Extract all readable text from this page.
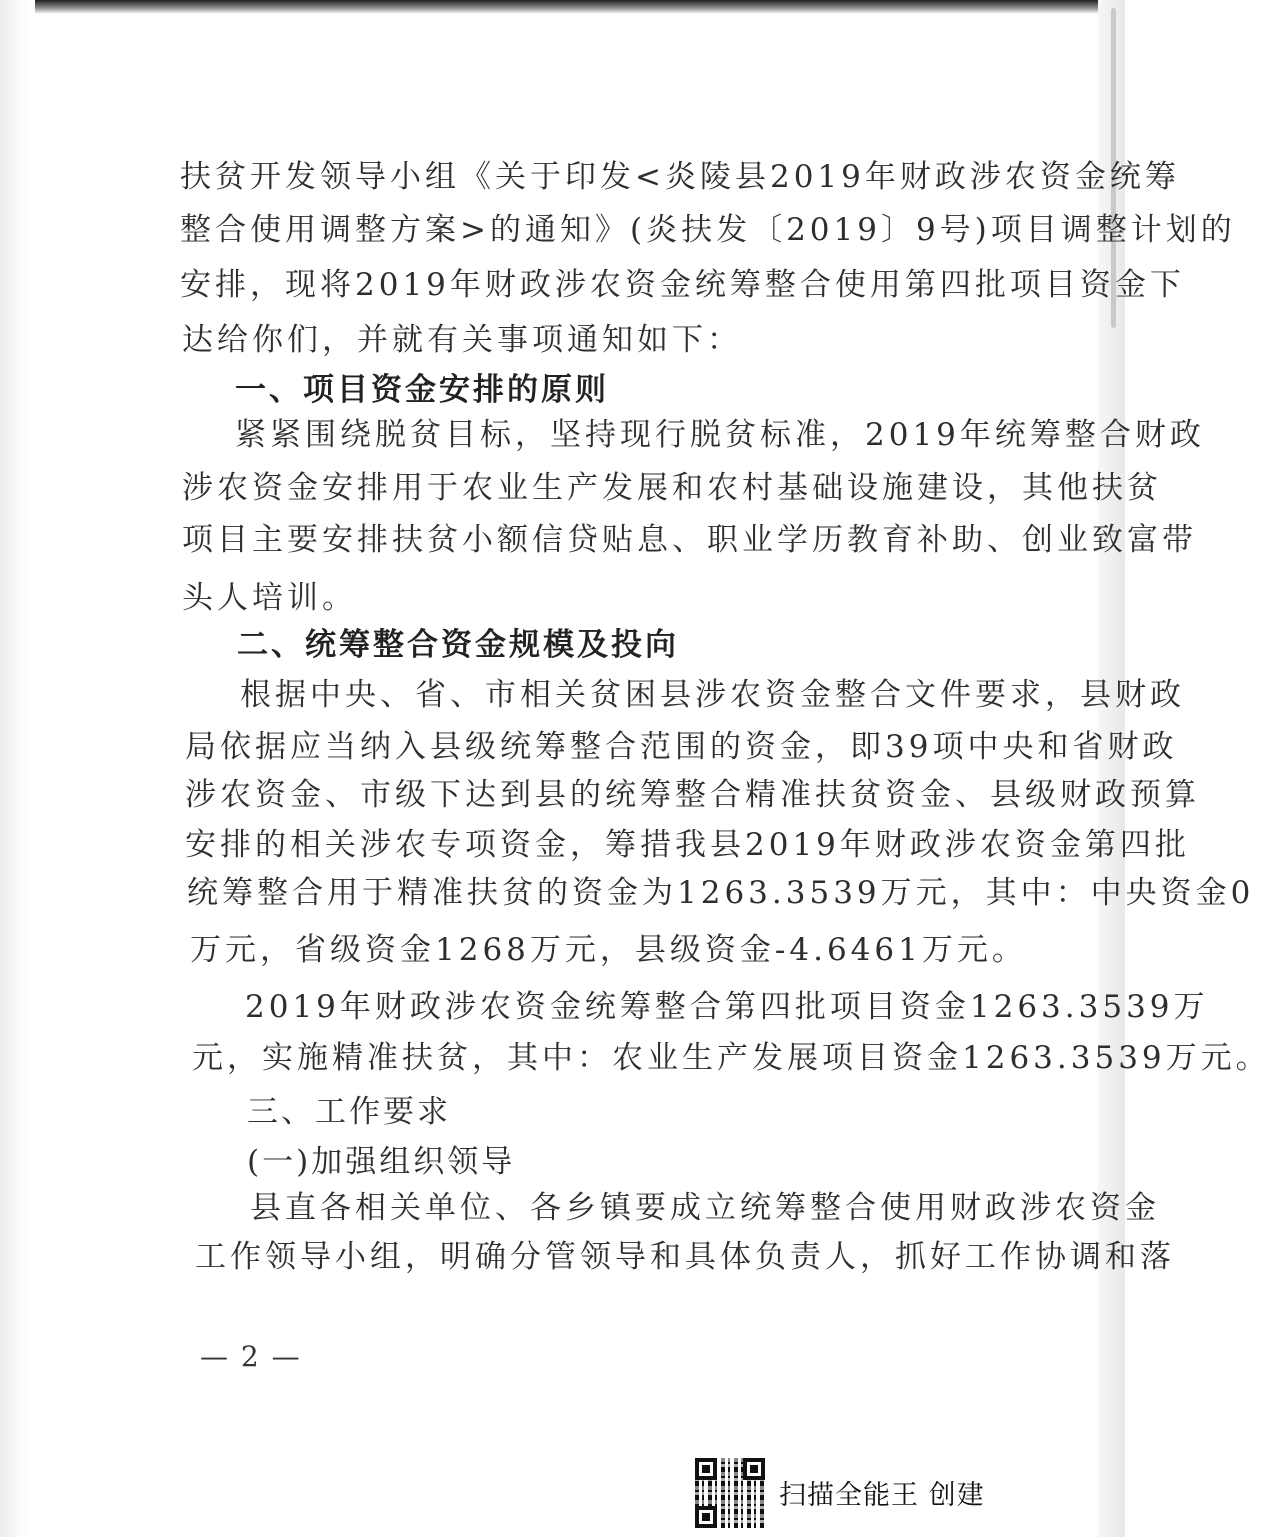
扶贫开发领导小组《关于印发<炎陵县2019年财政涉农资金统筹
整合使用调整方案>的通知》(炎扶发〔2019〕9号)项目调整计划的
安排，现将2019年财政涉农资金统筹整合使用第四批项目资金下
达给你们，并就有关事项通知如下：
一、项目资金安排的原则
紧紧围绕脱贫目标，坚持现行脱贫标准，2019年统筹整合财政
涉农资金安排用于农业生产发展和农村基础设施建设，其他扶贫
项目主要安排扶贫小额信贷贴息、职业学历教育补助、创业致富带
头人培训。
二、统筹整合资金规模及投向
根据中央、省、市相关贫困县涉农资金整合文件要求，县财政
局依据应当纳入县级统筹整合范围的资金，即39项中央和省财政
涉农资金、市级下达到县的统筹整合精准扶贫资金、县级财政预算
安排的相关涉农专项资金，筹措我县2019年财政涉农资金第四批
统筹整合用于精准扶贫的资金为1263.3539万元，其中：中央资金0
万元，省级资金1268万元，县级资金-4.6461万元。
2019年财政涉农资金统筹整合第四批项目资金1263.3539万
元，实施精准扶贫，其中：农业生产发展项目资金1263.3539万元。
三、工作要求
(一)加强组织领导
县直各相关单位、各乡镇要成立统筹整合使用财政涉农资金
工作领导小组，明确分管领导和具体负责人，抓好工作协调和落
— 2 —
扫描全能王 创建
